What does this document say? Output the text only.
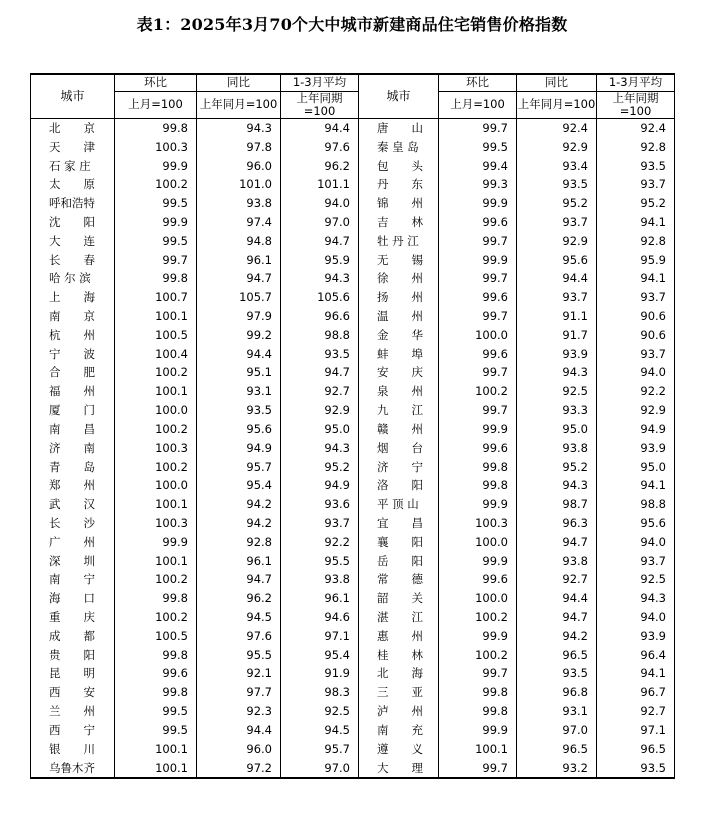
表1：2025年3月70个大中城市新建商品住宅销售价格指数
城市	环比	同比	1-3月平均	城市	环比	同比	1-3月平均
	上月=100	上年同月=100	上年同期=100		上月=100	上年同月=100	上年同期=100
北　　京	99.8	94.3	94.4	唐　　山	99.7	92.4	92.4
天　　津	100.3	97.8	97.6	秦 皇 岛	99.5	92.9	92.8
石 家 庄	99.9	96.0	96.2	包　　头	99.4	93.4	93.5
太　　原	100.2	101.0	101.1	丹　　东	99.3	93.5	93.7
呼和浩特	99.5	93.8	94.0	锦　　州	99.9	95.2	95.2
沈　　阳	99.9	97.4	97.0	吉　　林	99.6	93.7	94.1
大　　连	99.5	94.8	94.7	牡 丹 江	99.7	92.9	92.8
长　　春	99.7	96.1	95.9	无　　锡	99.9	95.6	95.9
哈 尔 滨	99.8	94.7	94.3	徐　　州	99.7	94.4	94.1
上　　海	100.7	105.7	105.6	扬　　州	99.6	93.7	93.7
南　　京	100.1	97.9	96.6	温　　州	99.7	91.1	90.6
杭　　州	100.5	99.2	98.8	金　　华	100.0	91.7	90.6
宁　　波	100.4	94.4	93.5	蚌　　埠	99.6	93.9	93.7
合　　肥	100.2	95.1	94.7	安　　庆	99.7	94.3	94.0
福　　州	100.1	93.1	92.7	泉　　州	100.2	92.5	92.2
厦　　门	100.0	93.5	92.9	九　　江	99.7	93.3	92.9
南　　昌	100.2	95.6	95.0	赣　　州	99.9	95.0	94.9
济　　南	100.3	94.9	94.3	烟　　台	99.6	93.8	93.9
青　　岛	100.2	95.7	95.2	济　　宁	99.8	95.2	95.0
郑　　州	100.0	95.4	94.9	洛　　阳	99.8	94.3	94.1
武　　汉	100.1	94.2	93.6	平 顶 山	99.9	98.7	98.8
长　　沙	100.3	94.2	93.7	宜　　昌	100.3	96.3	95.6
广　　州	99.9	92.8	92.2	襄　　阳	100.0	94.7	94.0
深　　圳	100.1	96.1	95.5	岳　　阳	99.9	93.8	93.7
南　　宁	100.2	94.7	93.8	常　　德	99.6	92.7	92.5
海　　口	99.8	96.2	96.1	韶　　关	100.0	94.4	94.3
重　　庆	100.2	94.5	94.6	湛　　江	100.2	94.7	94.0
成　　都	100.5	97.6	97.1	惠　　州	99.9	94.2	93.9
贵　　阳	99.8	95.5	95.4	桂　　林	100.2	96.5	96.4
昆　　明	99.6	92.1	91.9	北　　海	99.7	93.5	94.1
西　　安	99.8	97.7	98.3	三　　亚	99.8	96.8	96.7
兰　　州	99.5	92.3	92.5	泸　　州	99.8	93.1	92.7
西　　宁	99.5	94.4	94.5	南　　充	99.9	97.0	97.1
银　　川	100.1	96.0	95.7	遵　　义	100.1	96.5	96.5
乌鲁木齐	100.1	97.2	97.0	大　　理	99.7	93.2	93.5
